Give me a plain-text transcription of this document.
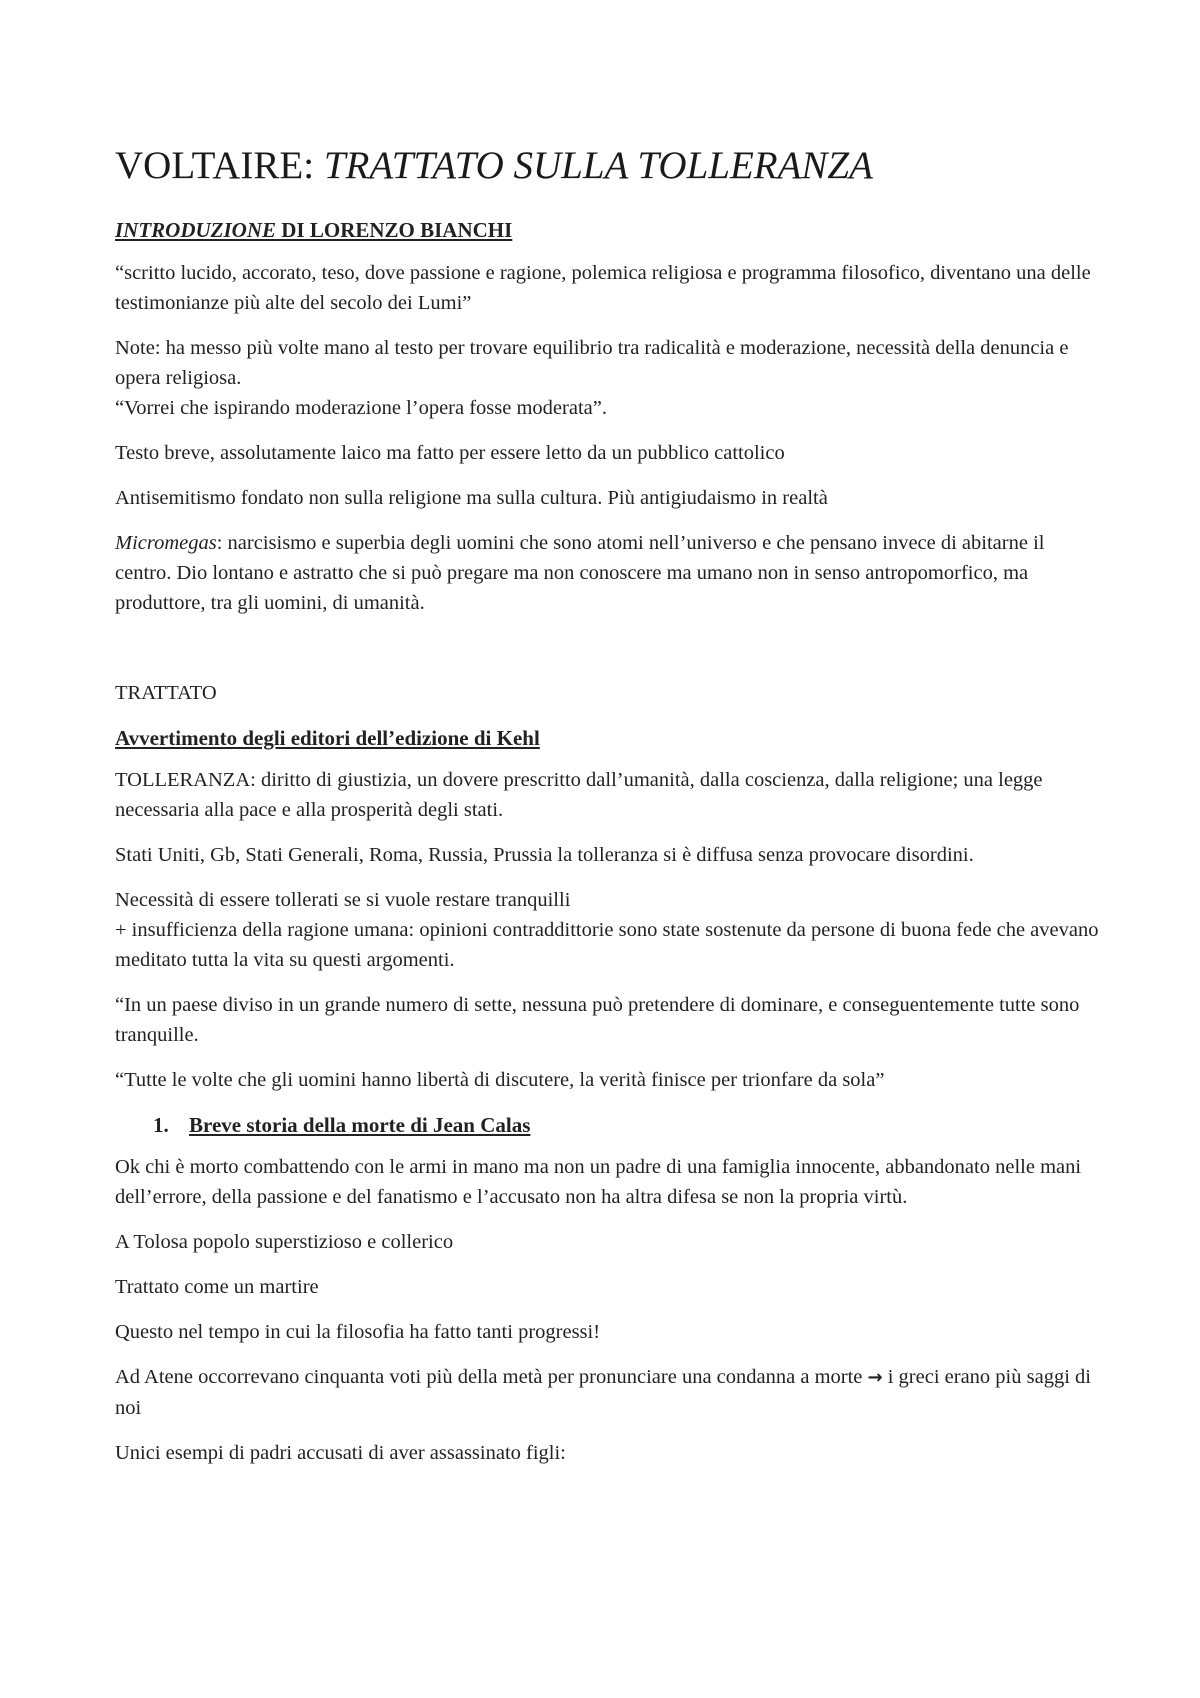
VOLTAIRE: TRATTATO SULLA TOLLERANZA
INTRODUZIONE DI LORENZO BIANCHI

“scritto lucido, accorato, teso, dove passione e ragione, polemica religiosa e programma filosofico, diventano una delle testimonianze più alte del secolo dei Lumi”

Note: ha messo più volte mano al testo per trovare equilibrio tra radicalità e moderazione, necessità della denuncia e opera religiosa.

“Vorrei che ispirando moderazione l’opera fosse moderata”.

Testo breve, assolutamente laico ma fatto per essere letto da un pubblico cattolico

Antisemitismo fondato non sulla religione ma sulla cultura. Più antigiudaismo in realtà

Micromegas: narcisismo e superbia degli uomini che sono atomi nell’universo e che pensano invece di abitarne il centro. Dio lontano e astratto che si può pregare ma non conoscere ma umano non in senso antropomorfico, ma produttore, tra gli uomini, di umanità.

TRATTATO

Avvertimento degli editori dell’edizione di Kehl

TOLLERANZA: diritto di giustizia, un dovere prescritto dall’umanità, dalla coscienza, dalla religione; una legge necessaria alla pace e alla prosperità degli stati.

Stati Uniti, Gb, Stati Generali, Roma, Russia, Prussia la tolleranza si è diffusa senza provocare disordini.

Necessità di essere tollerati se si vuole restare tranquilli

+ insufficienza della ragione umana: opinioni contraddittorie sono state sostenute da persone di buona fede che avevano meditato tutta la vita su questi argomenti.

“In un paese diviso in un grande numero di sette, nessuna può pretendere di dominare, e conseguentemente tutte sono tranquille.

“Tutte le volte che gli uomini hanno libertà di discutere, la verità finisce per trionfare da sola”

1. Breve storia della morte di Jean Calas

Ok chi è morto combattendo con le armi in mano ma non un padre di una famiglia innocente, abbandonato nelle mani dell’errore, della passione e del fanatismo e l’accusato non ha altra difesa se non la propria virtù.

A Tolosa popolo superstizioso e collerico

Trattato come un martire

Questo nel tempo in cui la filosofia ha fatto tanti progressi!

Ad Atene occorrevano cinquanta voti più della metà per pronunciare una condanna a morte → i greci erano più saggi di noi

Unici esempi di padri accusati di aver assassinato figli:
